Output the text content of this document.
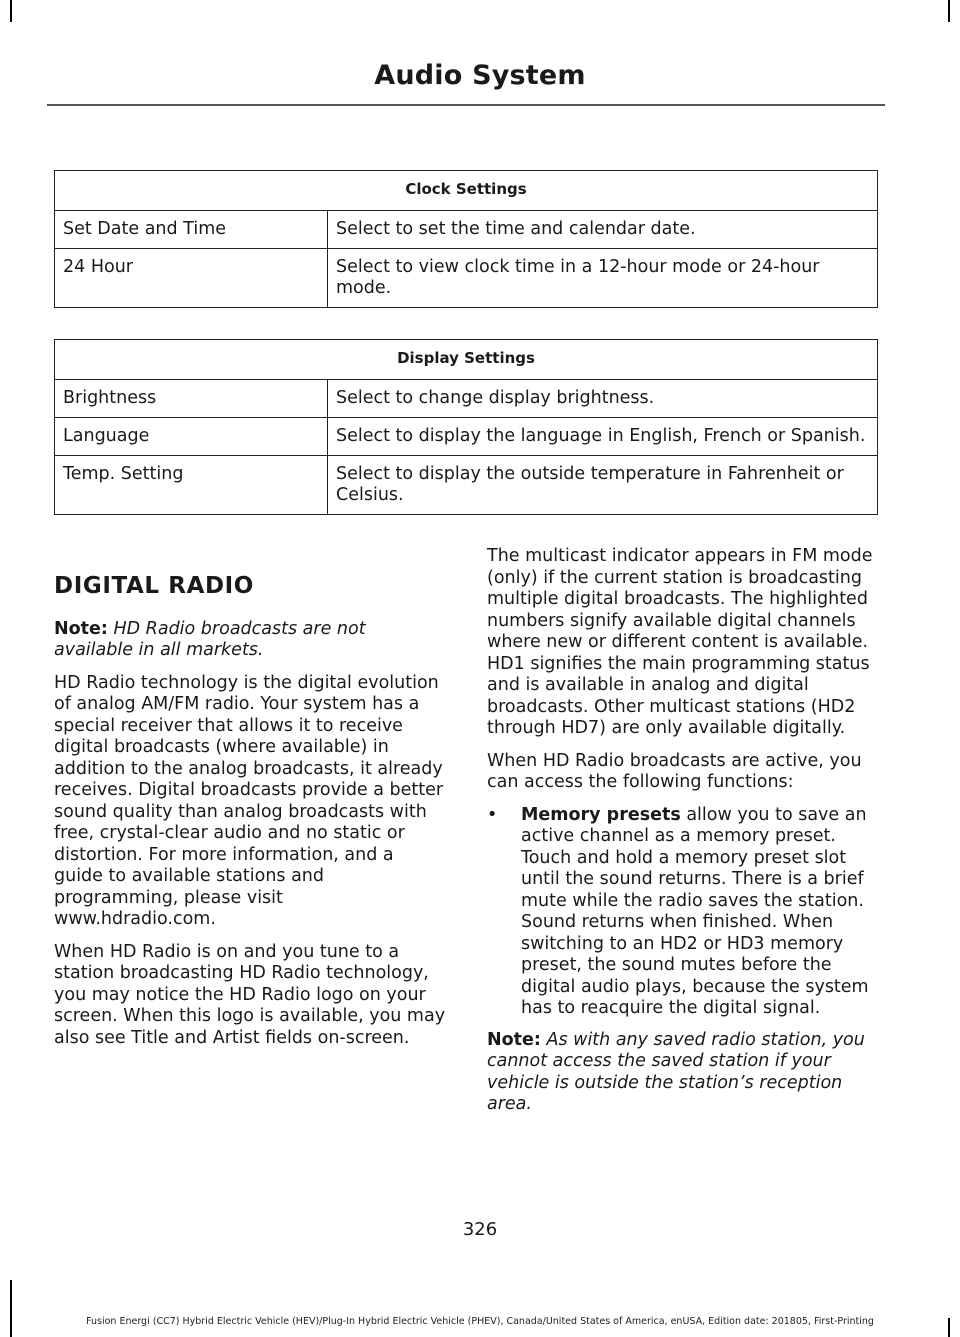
Audio System
Clock Settings	
Set Date and Time	Select to set the time and calendar date.
24 Hour	Select to view clock time in a 12-hour mode or 24-hour mode.
Display Settings	
Brightness	Select to change display brightness.
Language	Select to display the language in English, French or Spanish.
Temp. Setting	Select to display the outside temperature in Fahrenheit or Celsius.
DIGITAL RADIO

Note: HD Radio broadcasts are not available in all markets.

HD Radio technology is the digital evolution of analog AM/FM radio. Your system has a special receiver that allows it to receive digital broadcasts (where available) in addition to the analog broadcasts, it already receives. Digital broadcasts provide a better sound quality than analog broadcasts with free, crystal-clear audio and no static or distortion. For more information, and a guide to available stations and programming, please visit www.hdradio.com.

When HD Radio is on and you tune to a station broadcasting HD Radio technology, you may notice the HD Radio logo on your screen. When this logo is available, you may also see Title and Artist fields on-screen.

The multicast indicator appears in FM mode (only) if the current station is broadcasting multiple digital broadcasts. The highlighted numbers signify available digital channels where new or different content is available. HD1 signifies the main programming status and is available in analog and digital broadcasts. Other multicast stations (HD2 through HD7) are only available digitally.

When HD Radio broadcasts are active, you can access the following functions:

•	Memory presets allow you to save an active channel as a memory preset. Touch and hold a memory preset slot until the sound returns. There is a brief mute while the radio saves the station. Sound returns when finished. When switching to an HD2 or HD3 memory preset, the sound mutes before the digital audio plays, because the system has to reacquire the digital signal.

Note: As with any saved radio station, you cannot access the saved station if your vehicle is outside the station’s reception area.

326
Fusion Energi (CC7) Hybrid Electric Vehicle (HEV)/Plug-In Hybrid Electric Vehicle (PHEV), Canada/United States of America, enUSA, Edition date: 201805, First-Printing
